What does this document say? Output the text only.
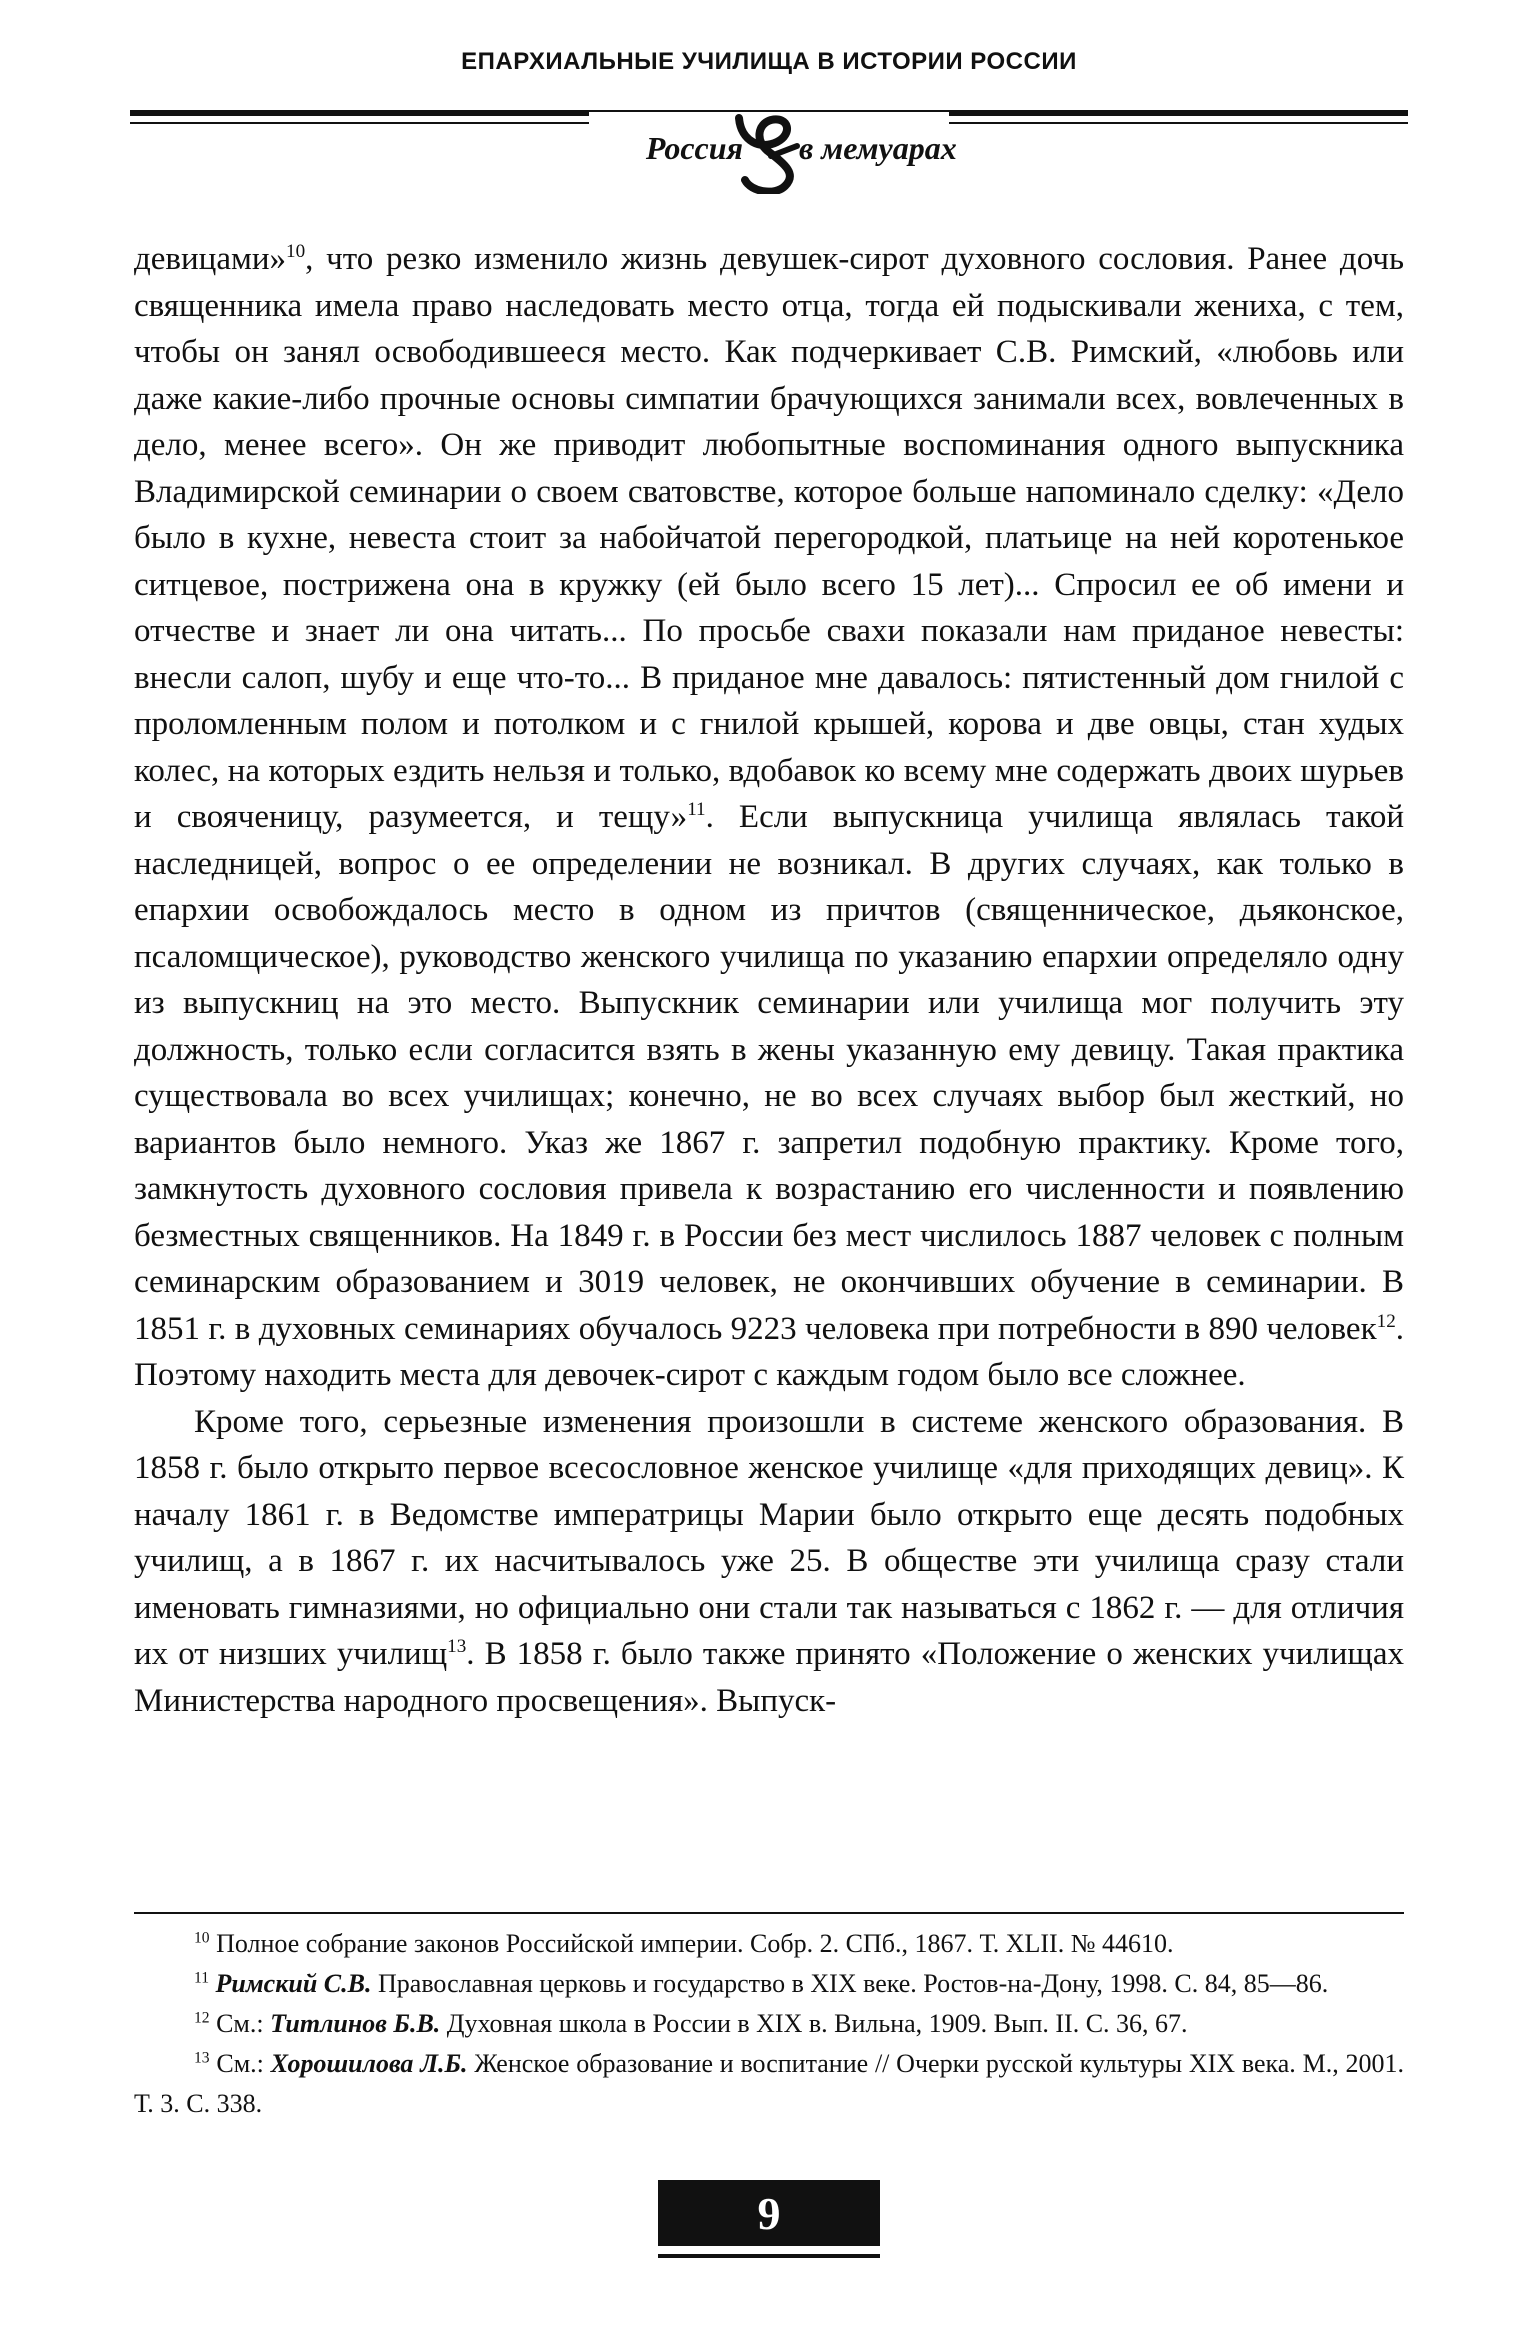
ЕПАРХИАЛЬНЫЕ УЧИЛИЩА В ИСТОРИИ РОССИИ
Россия в мемуарах

девицами»$^{10}$, что резко изменило жизнь девушек-сирот духовного сословия. Ранее дочь священника имела право наследовать место отца, тогда ей подыскивали жениха, с тем, чтобы он занял освободившееся место. Как подчеркивает С.В. Римский, «любовь или даже какие-либо прочные основы симпатии брачующихся занимали всех, вовлеченных в дело, менее всего». Он же приводит любопытные воспоминания одного выпускника Владимирской семинарии о своем сватовстве, которое больше напоминало сделку: «Дело было в кухне, невеста стоит за набойчатой перегородкой, платьице на ней коротенькое ситцевое, пострижена она в кружку (ей было всего 15 лет)... Спросил ее об имени и отчестве и знает ли она читать... По просьбе свахи показали нам приданое невесты: внесли салоп, шубу и еще что-то... В приданое мне давалось: пятистенный дом гнилой с проломленным полом и потолком и с гнилой крышей, корова и две овцы, стан худых колес, на которых ездить нельзя и только, вдобавок ко всему мне содержать двоих шурьев и свояченицу, разумеется, и тещу»$^{11}$. Если выпускница училища являлась такой наследницей, вопрос о ее определении не возникал. В других случаях, как только в епархии освобождалось место в одном из причтов (священническое, дьяконское, псаломщическое), руководство женского училища по указанию епархии определяло одну из выпускниц на это место. Выпускник семинарии или училища мог получить эту должность, только если согласится взять в жены указанную ему девицу. Такая практика существовала во всех училищах; конечно, не во всех случаях выбор был жесткий, но вариантов было немного. Указ же 1867 г. запретил подобную практику. Кроме того, замкнутость духовного сословия привела к возрастанию его численности и появлению безместных священников. На 1849 г. в России без мест числилось 1887 человек с полным семинарским образованием и 3019 человек, не окончивших обучение в семинарии. В 1851 г. в духовных семинариях обучалось 9223 человека при потребности в 890 человек$^{12}$. Поэтому находить места для девочек-сирот с каждым годом было все сложнее.

Кроме того, серьезные изменения произошли в системе женского образования. В 1858 г. было открыто первое всесословное женское училище «для приходящих девиц». К началу 1861 г. в Ведомстве императрицы Марии было открыто еще десять подобных училищ, а в 1867 г. их насчитывалось уже 25. В обществе эти училища сразу стали именовать гимназиями, но официально они стали так называться с 1862 г. — для отличия их от низших училищ$^{13}$. В 1858 г. было также принято «Положение о женских училищах Министерства народного просвещения». Выпуск-

$^{10}$ Полное собрание законов Российской империи. Собр. 2. СПб., 1867. Т. XLII. № 44610.

$^{11}$ Римский С.В. Православная церковь и государство в XIX веке. Ростов-на-Дону, 1998. С. 84, 85—86.

$^{12}$ См.: Титлинов Б.В. Духовная школа в России в XIX в. Вильна, 1909. Вып. II. С. 36, 67.

$^{13}$ См.: Хорошилова Л.Б. Женское образование и воспитание // Очерки русской культуры XIX века. М., 2001. Т. 3. С. 338.

9
